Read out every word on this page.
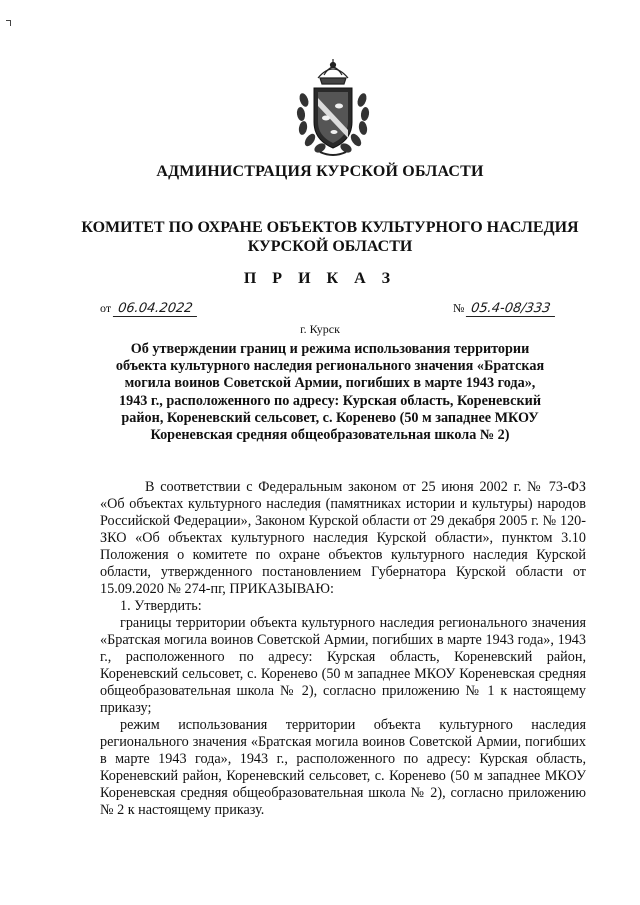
АДМИНИСТРАЦИЯ КУРСКОЙ ОБЛАСТИ
КОМИТЕТ ПО ОХРАНЕ ОБЪЕКТОВ КУЛЬТУРНОГО НАСЛЕДИЯ
КУРСКОЙ ОБЛАСТИ
П Р И К А З
от 06.04.2022	№ 05.4-08/333
г. Курск
Об утверждении границ и режима использования территории
объекта культурного наследия регионального значения «Братская
могила воинов Советской Армии, погибших в марте 1943 года»,
1943 г., расположенного по адресу: Курская область, Кореневский
район, Кореневский сельсовет, с. Коренево (50 м западнее МКОУ
Кореневская средняя общеобразовательная школа № 2)

В соответствии с Федеральным законом от 25 июня 2002 г. № 73-ФЗ «Об объектах культурного наследия (памятниках истории и культуры) народов Российской Федерации», Законом Курской области от 29 декабря 2005 г. № 120-ЗКО «Об объектах культурного наследия Курской области», пунктом 3.10 Положения о комитете по охране объектов культурного наследия Курской области, утвержденного постановлением Губернатора Курской области от 15.09.2020 № 274-пг, ПРИКАЗЫВАЮ:

1. Утвердить:

границы территории объекта культурного наследия регионального значения «Братская могила воинов Советской Армии, погибших в марте 1943 года», 1943 г., расположенного по адресу: Курская область, Кореневский район, Кореневский сельсовет, с. Коренево (50 м западнее МКОУ Кореневская средняя общеобразовательная школа № 2), согласно приложению № 1 к настоящему приказу;

режим использования территории объекта культурного наследия регионального значения «Братская могила воинов Советской Армии, погибших в марте 1943 года», 1943 г., расположенного по адресу: Курская область, Кореневский район, Кореневский сельсовет, с. Коренево (50 м западнее МКОУ Кореневская средняя общеобразовательная школа № 2), согласно приложению № 2 к настоящему приказу.
